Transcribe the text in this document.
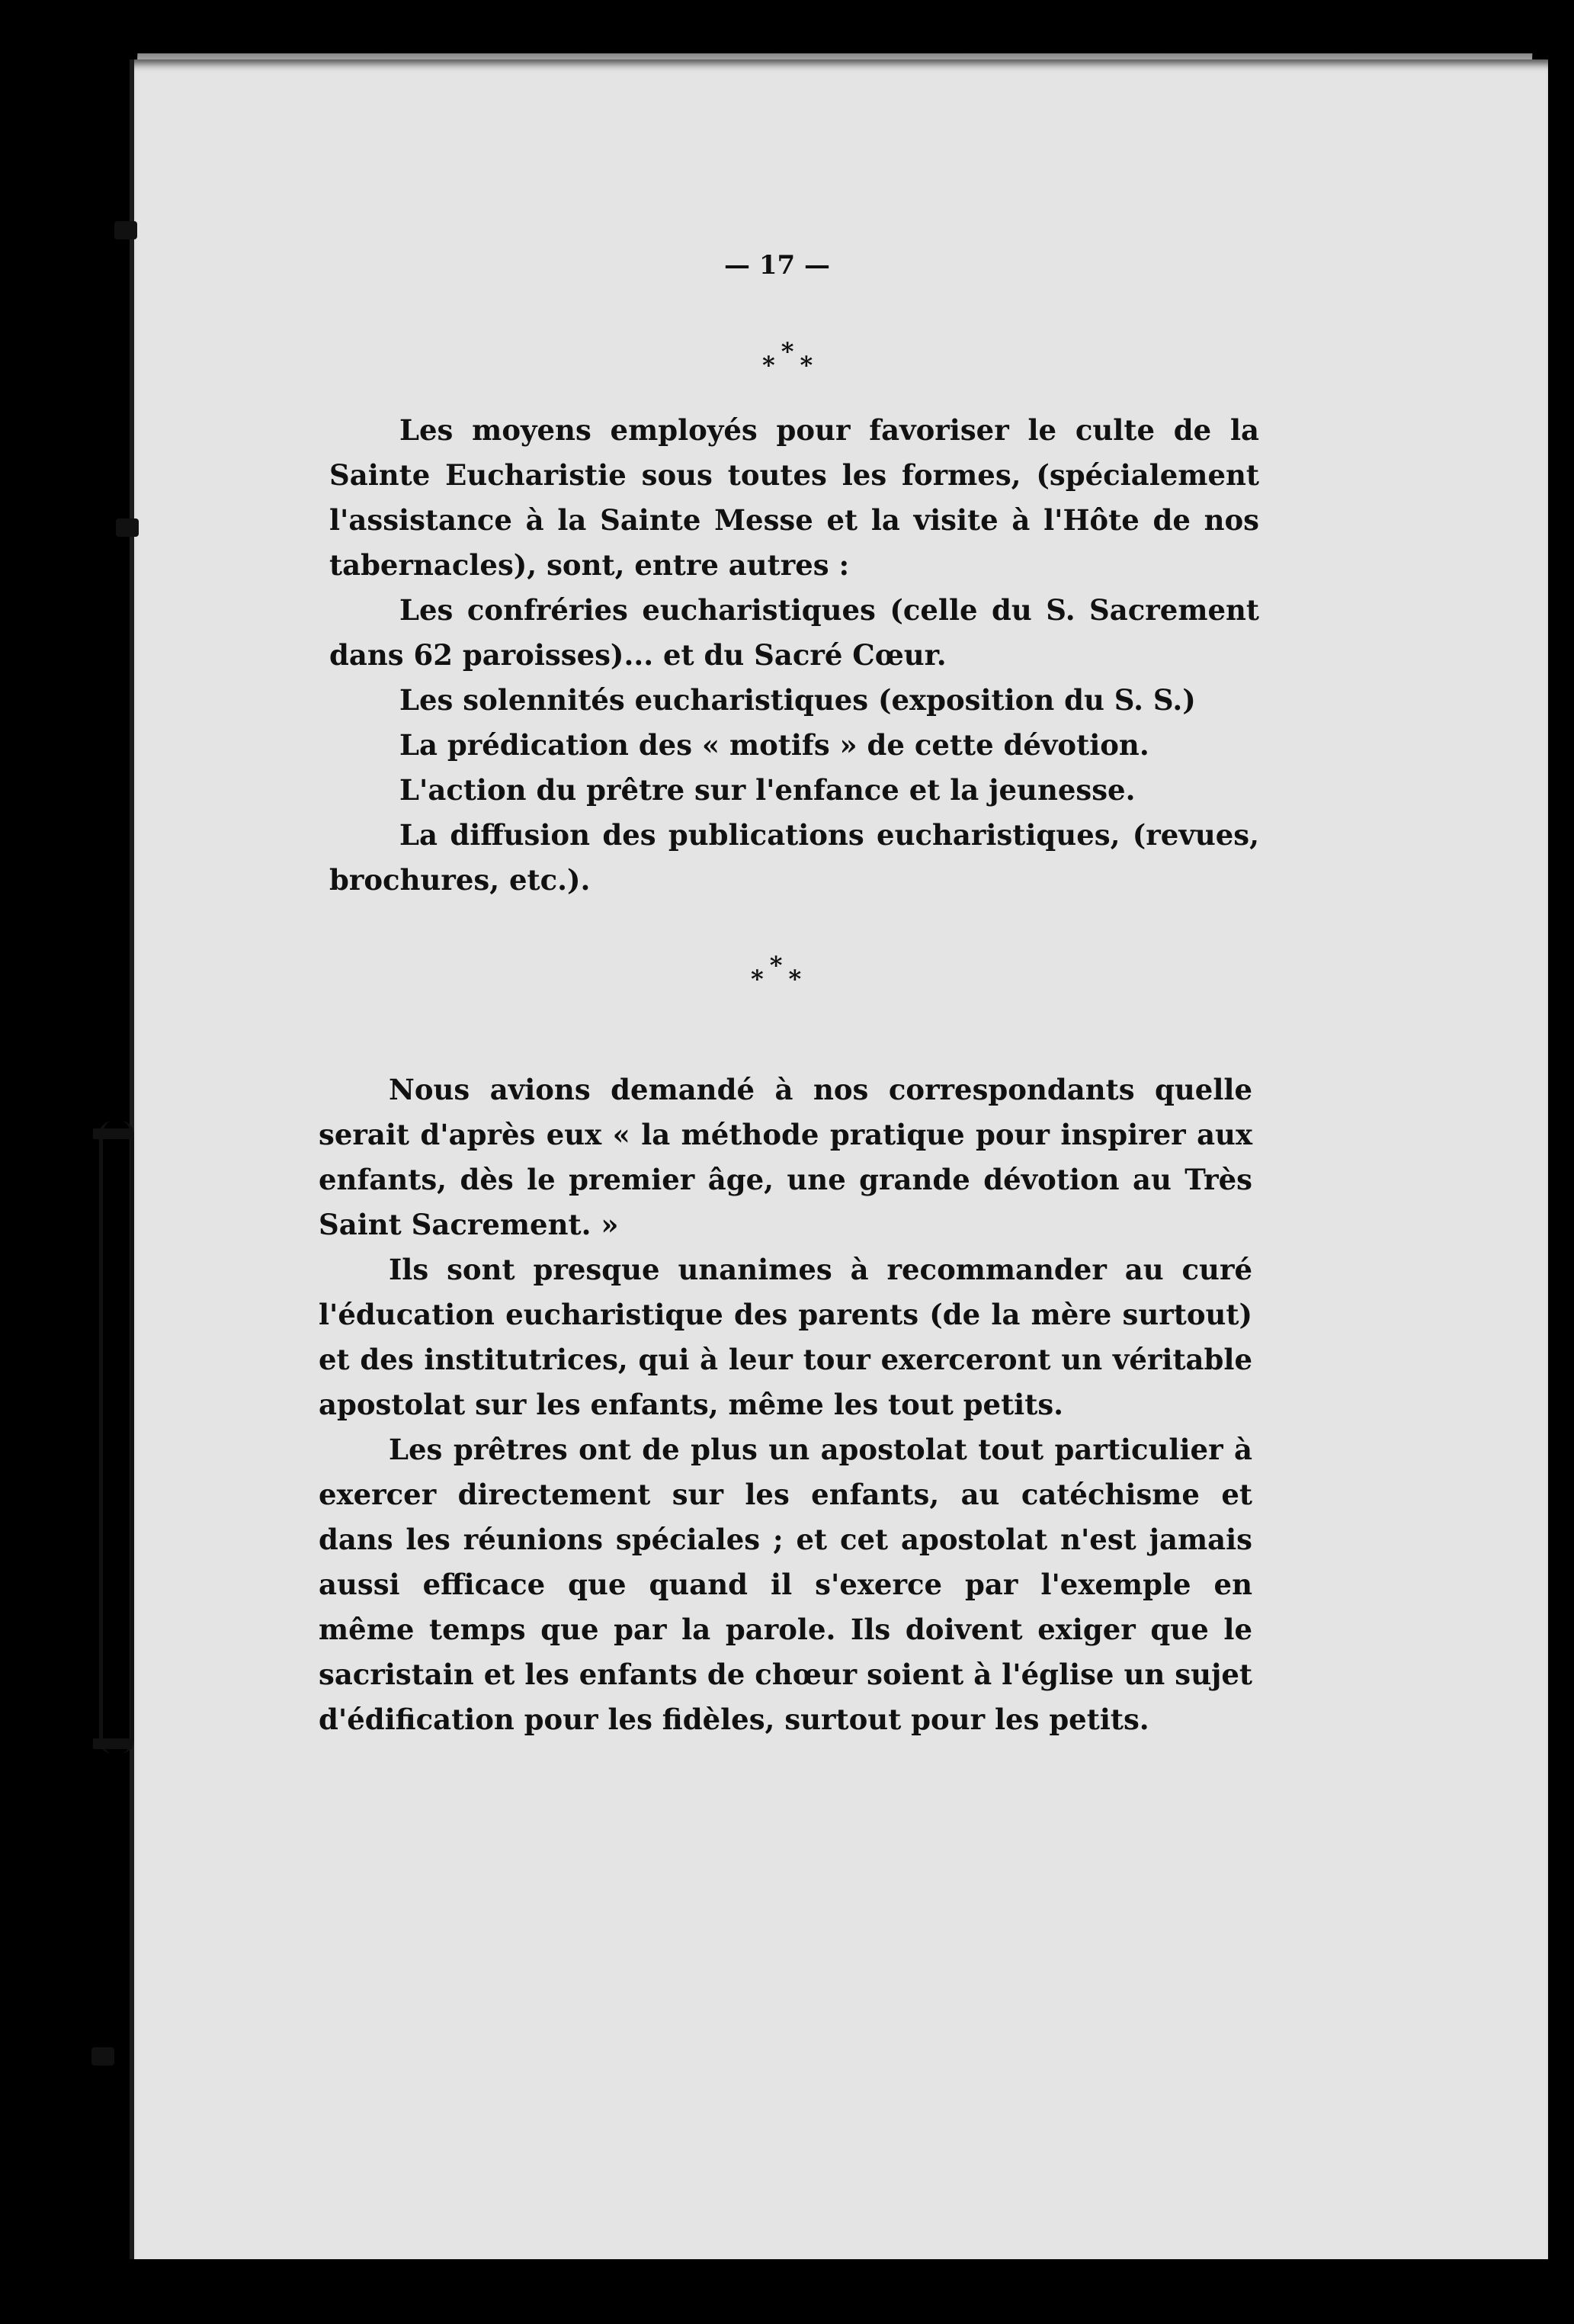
— 17 —
***

Les moyens employés pour favoriser le culte de la Sainte Eucharistie sous toutes les formes, (spécialement l'assistance à la Sainte Messe et la visite à l'Hôte de nos tabernacles), sont, entre autres :

Les confréries eucharistiques (celle du S. Sacrement dans 62 paroisses)... et du Sacré Cœur.

Les solennités eucharistiques (exposition du S. S.)

La prédication des « motifs » de cette dévotion.

L'action du prêtre sur l'enfance et la jeunesse.

La diffusion des publications eucharistiques, (revues, brochures, etc.).

***

Nous avions demandé à nos correspondants quelle serait d'après eux « la méthode pratique pour inspirer aux enfants, dès le premier âge, une grande dévotion au Très Saint Sacrement. »

Ils sont presque unanimes à recommander au curé l'éducation eucharistique des parents (de la mère surtout) et des institutrices, qui à leur tour exerceront un véritable apostolat sur les enfants, même les tout petits.

Les prêtres ont de plus un apostolat tout particulier à exercer directement sur les enfants, au catéchisme et dans les réunions spéciales ; et cet apostolat n'est jamais aussi efficace que quand il s'exerce par l'exemple en même temps que par la parole. Ils doivent exiger que le sacristain et les enfants de chœur soient à l'église un sujet d'édification pour les fidèles, surtout pour les petits.
